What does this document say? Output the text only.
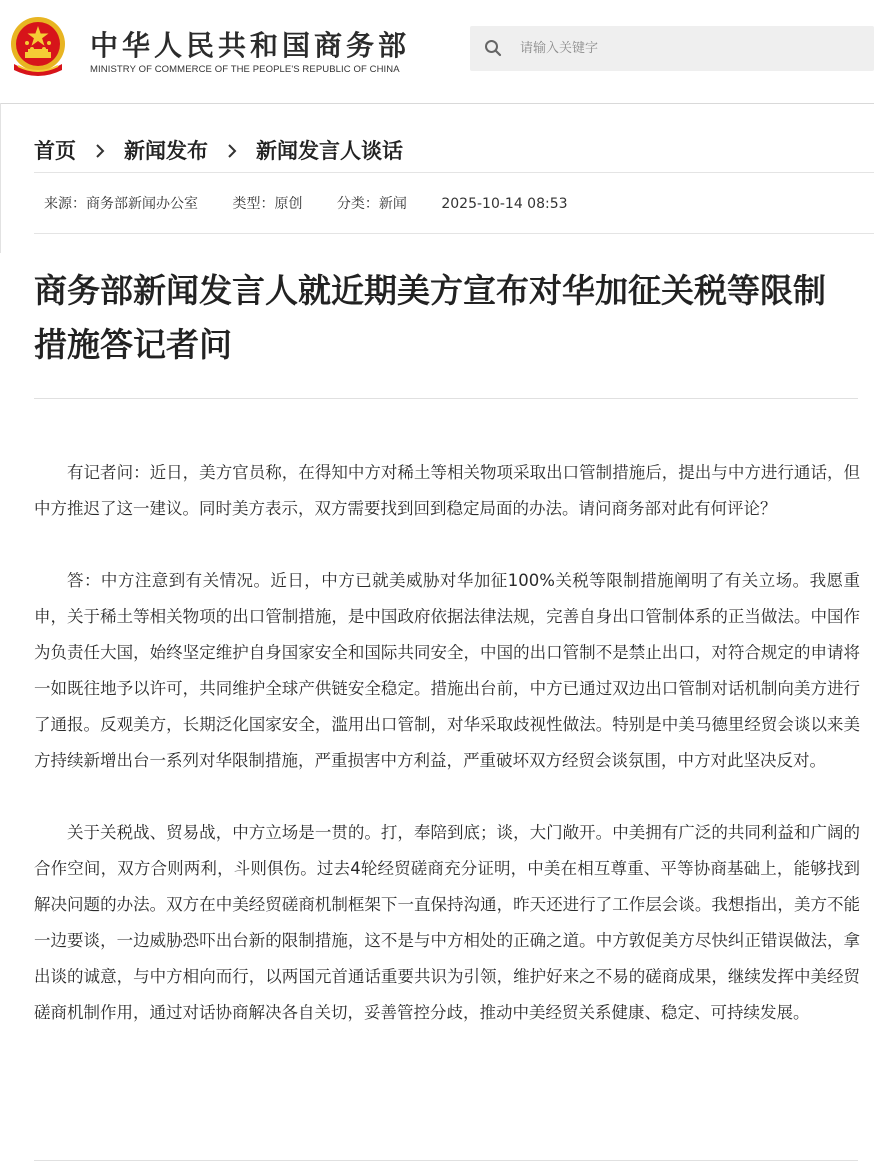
中华人民共和国商务部
MINISTRY OF COMMERCE OF THE PEOPLE'S REPUBLIC OF CHINA
请输入关键字
首页 新闻发布 新闻发言人谈话
来源：商务部新闻办公室 类型：原创 分类：新闻 2025-10-14 08:53
商务部新闻发言人就近期美方宣布对华加征关税等限制措施答记者问

有记者问：近日，美方官员称，在得知中方对稀土等相关物项采取出口管制措施后，提出与中方进行通话，但中方推迟了这一建议。同时美方表示，双方需要找到回到稳定局面的办法。请问商务部对此有何评论？

答：中方注意到有关情况。近日，中方已就美威胁对华加征100%关税等限制措施阐明了有关立场。我愿重申，关于稀土等相关物项的出口管制措施，是中国政府依据法律法规，完善自身出口管制体系的正当做法。中国作为负责任大国，始终坚定维护自身国家安全和国际共同安全，中国的出口管制不是禁止出口，对符合规定的申请将一如既往地予以许可，共同维护全球产供链安全稳定。措施出台前，中方已通过双边出口管制对话机制向美方进行了通报。反观美方，长期泛化国家安全，滥用出口管制，对华采取歧视性做法。特别是中美马德里经贸会谈以来美方持续新增出台一系列对华限制措施，严重损害中方利益，严重破坏双方经贸会谈氛围，中方对此坚决反对。

关于关税战、贸易战，中方立场是一贯的。打，奉陪到底；谈，大门敞开。中美拥有广泛的共同利益和广阔的合作空间，双方合则两利，斗则俱伤。过去4轮经贸磋商充分证明，中美在相互尊重、平等协商基础上，能够找到解决问题的办法。双方在中美经贸磋商机制框架下一直保持沟通，昨天还进行了工作层会谈。我想指出，美方不能一边要谈，一边威胁恐吓出台新的限制措施，这不是与中方相处的正确之道。中方敦促美方尽快纠正错误做法，拿出谈的诚意，与中方相向而行，以两国元首通话重要共识为引领，维护好来之不易的磋商成果，继续发挥中美经贸磋商机制作用，通过对话协商解决各自关切，妥善管控分歧，推动中美经贸关系健康、稳定、可持续发展。
